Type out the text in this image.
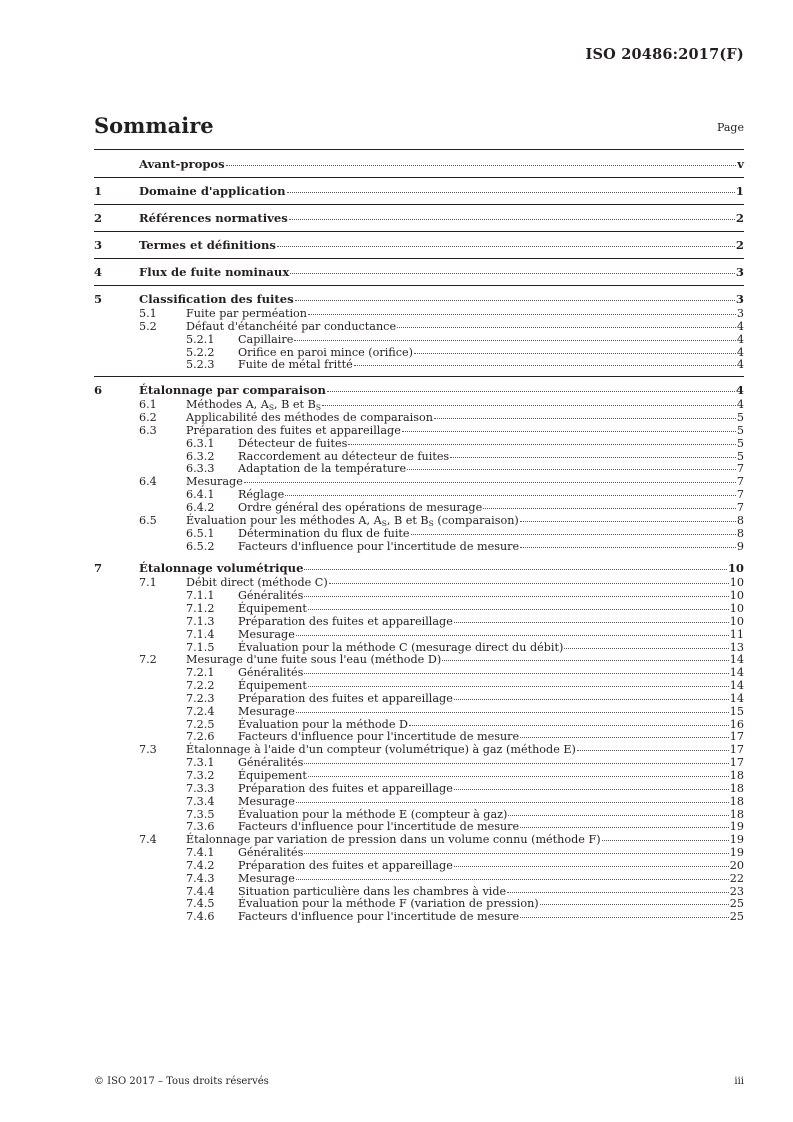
ISO 20486:2017(F)
Sommaire	Page
Avant-propos	v
1	Domaine d'application	1
2	Références normatives	2
3	Termes et définitions	2
4	Flux de fuite nominaux	3
5	Classification des fuites	3
5.1	Fuite par perméation	3
5.2	Défaut d'étanchéité par conductance	4
5.2.1	Capillaire	4
5.2.2	Orifice en paroi mince (orifice)	4
5.2.3	Fuite de métal fritté	4
6	Étalonnage par comparaison	4
6.1	Méthodes A, $A_S$, B et $B_S$	4
6.2	Applicabilité des méthodes de comparaison	5
6.3	Préparation des fuites et appareillage	5
6.3.1	Détecteur de fuites	5
6.3.2	Raccordement au détecteur de fuites	5
6.3.3	Adaptation de la température	7
6.4	Mesurage	7
6.4.1	Réglage	7
6.4.2	Ordre général des opérations de mesurage	7
6.5	Évaluation pour les méthodes A, $A_S$, B et $B_S$ (comparaison)	8
6.5.1	Détermination du flux de fuite	8
6.5.2	Facteurs d'influence pour l'incertitude de mesure	9
7	Étalonnage volumétrique	10
7.1	Débit direct (méthode C)	10
7.1.1	Généralités	10
7.1.2	Équipement	10
7.1.3	Préparation des fuites et appareillage	10
7.1.4	Mesurage	11
7.1.5	Évaluation pour la méthode C (mesurage direct du débit)	13
7.2	Mesurage d'une fuite sous l'eau (méthode D)	14
7.2.1	Généralités	14
7.2.2	Équipement	14
7.2.3	Préparation des fuites et appareillage	14
7.2.4	Mesurage	15
7.2.5	Évaluation pour la méthode D	16
7.2.6	Facteurs d'influence pour l'incertitude de mesure	17
7.3	Étalonnage à l'aide d'un compteur (volumétrique) à gaz (méthode E)	17
7.3.1	Généralités	17
7.3.2	Équipement	18
7.3.3	Préparation des fuites et appareillage	18
7.3.4	Mesurage	18
7.3.5	Évaluation pour la méthode E (compteur à gaz)	18
7.3.6	Facteurs d'influence pour l'incertitude de mesure	19
7.4	Étalonnage par variation de pression dans un volume connu (méthode F)	19
7.4.1	Généralités	19
7.4.2	Préparation des fuites et appareillage	20
7.4.3	Mesurage	22
7.4.4	Situation particulière dans les chambres à vide	23
7.4.5	Évaluation pour la méthode F (variation de pression)	25
7.4.6	Facteurs d'influence pour l'incertitude de mesure	25
© ISO 2017 – Tous droits réservés	iii
